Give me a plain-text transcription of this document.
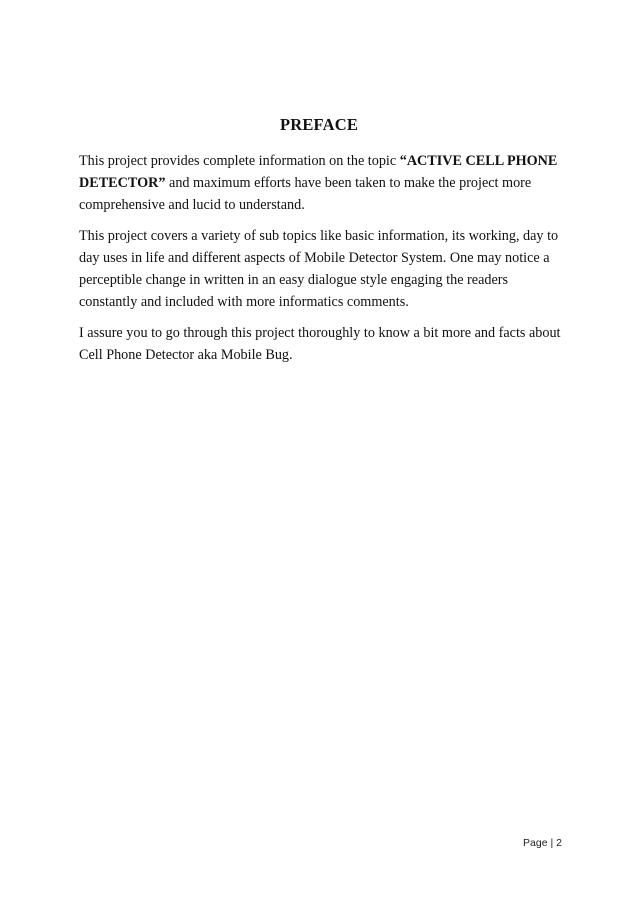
PREFACE

This project provides complete information on the topic “ACTIVE CELL PHONE DETECTOR” and maximum efforts have been taken to make the project more comprehensive and lucid to understand.

This project covers a variety of sub topics like basic information, its working, day to day uses in life and different aspects of Mobile Detector System. One may notice a perceptible change in written in an easy dialogue style engaging the readers constantly and included with more informatics comments.

I assure you to go through this project thoroughly to know a bit more and facts about Cell Phone Detector aka Mobile Bug.

Page | 2
